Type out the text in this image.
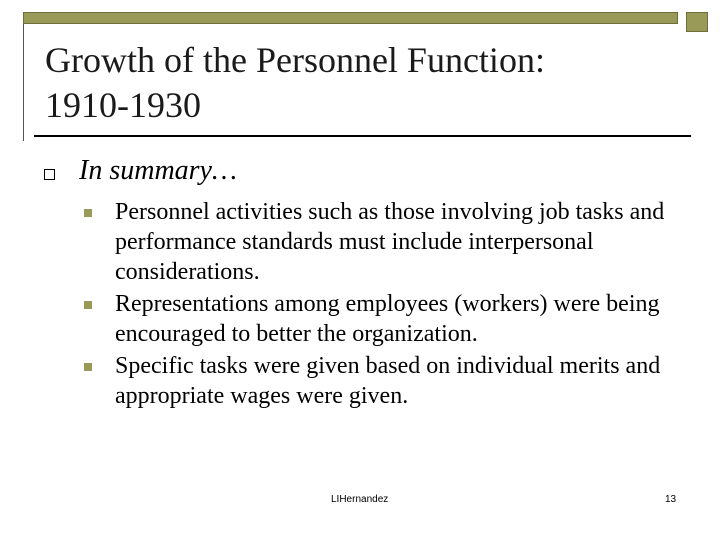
Growth of the Personnel Function:
1910-1930
In summary…
Personnel activities such as those involving job tasks and performance standards must include interpersonal considerations.
Representations among employees (workers) were being encouraged to better the organization.
Specific tasks were given based on individual merits and appropriate wages were given.
LIHernandez	13
